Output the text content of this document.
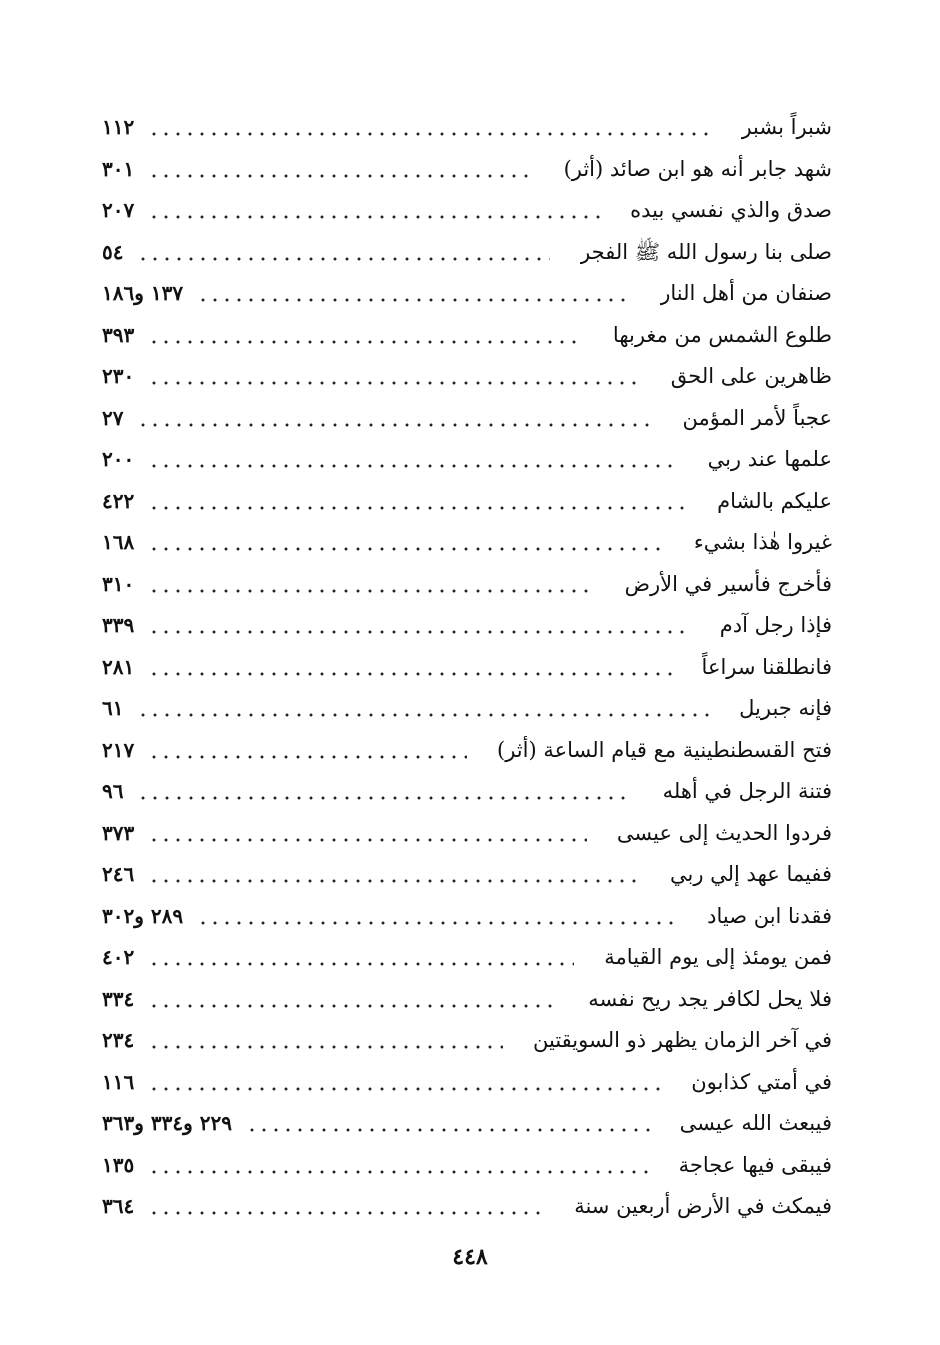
شبراً بشبر
١١٢
شهد جابر أنه هو ابن صائد (أثر)
٣٠١
صدق والذي نفسي بيده
٢٠٧
صلى بنا رسول الله ﷺ الفجر
٥٤
صنفان من أهل النار
١٣٧ و١٨٦
طلوع الشمس من مغربها
٣٩٣
ظاهرين على الحق
٢٣٠
عجباً لأمر المؤمن
٢٧
علمها عند ربي
٢٠٠
عليكم بالشام
٤٢٢
غيروا هٰذا بشيء
١٦٨
فأخرج فأسير في الأرض
٣١٠
فإذا رجل آدم
٣٣٩
فانطلقنا سراعاً
٢٨١
فإنه جبريل
٦١
فتح القسطنطينية مع قيام الساعة (أثر)
٢١٧
فتنة الرجل في أهله
٩٦
فردوا الحديث إلى عيسى
٣٧٣
ففيما عهد إلي ربي
٢٤٦
فقدنا ابن صياد
٢٨٩ و٣٠٢
فمن يومئذ إلى يوم القيامة
٤٠٢
فلا يحل لكافر يجد ريح نفسه
٣٣٤
في آخر الزمان يظهر ذو السويقتين
٢٣٤
في أمتي كذابون
١١٦
فيبعث الله عيسى
٢٢٩ و٣٣٤ و٣٦٣
فيبقى فيها عجاجة
١٣٥
فيمكث في الأرض أربعين سنة
٣٦٤
٤٤٨
